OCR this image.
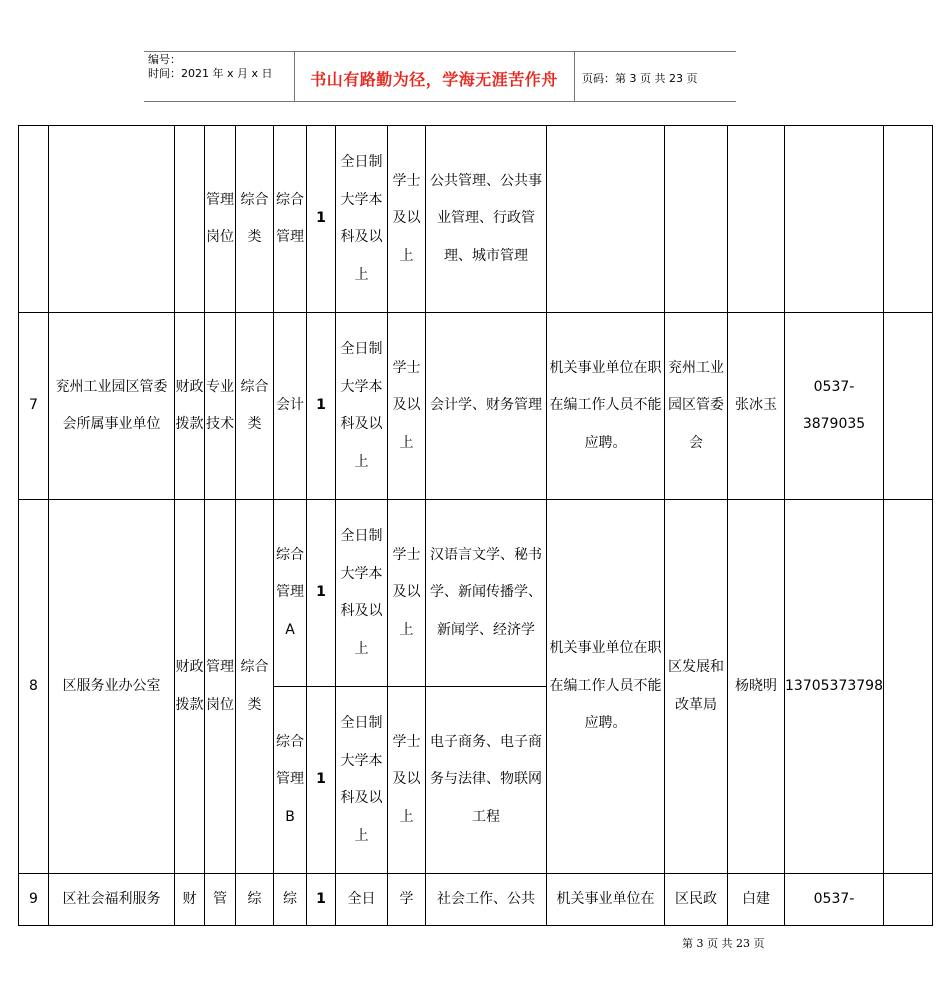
编号：
时间：2021 年 x 月 x 日	书山有路勤为径，学海无涯苦作舟	页码：第 3 页 共 23 页
			管理岗位	综合类	综合管理	1	全日制大学本科及以上	学士及以上	公共管理、公共事业管理、行政管理、城市管理					
7	兖州工业园区管委会所属事业单位	财政拨款	专业技术	综合类	会计	1	全日制大学本科及以上	学士及以上	会计学、财务管理	机关事业单位在职在编工作人员不能应聘。	兖州工业园区管委会	张冰玉	0537-3879035	
8	区服务业办公室	财政拨款	管理岗位	综合类	综合管理A	1	全日制大学本科及以上	学士及以上	汉语言文学、秘书学、新闻传播学、新闻学、经济学	机关事业单位在职在编工作人员不能应聘。	区发展和改革局	杨晓明	13705373798	
					综合管理B	1	全日制大学本科及以上	学士及以上	电子商务、电子商务与法律、物联网工程					
9	区社会福利服务	财	管	综	综	1	全日	学	社会工作、公共	机关事业单位在	区民政	白建	0537-	
第 3 页 共 23 页
